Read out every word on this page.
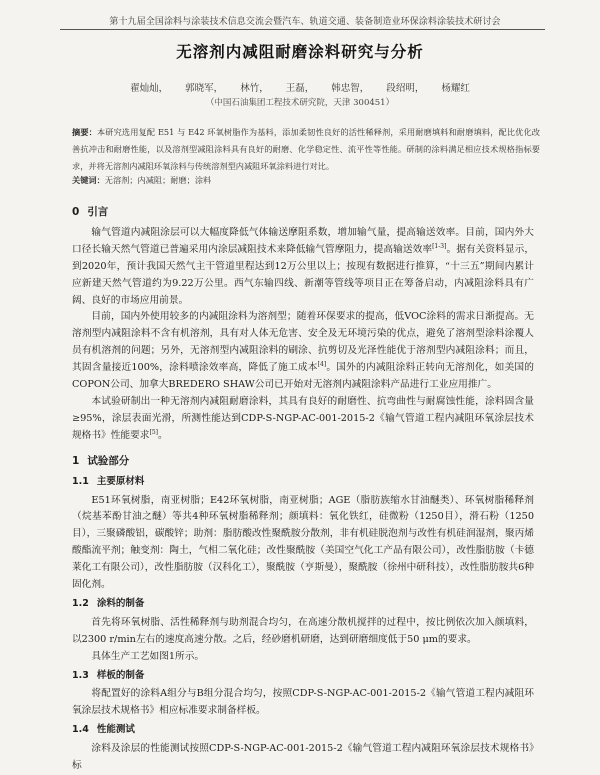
第十九届全国涂料与涂装技术信息交流会暨汽车、轨道交通、装备制造业环保涂料涂装技术研讨会
无溶剂内减阻耐磨涂料研究与分析
翟灿灿， 郭晓军， 林竹， 王磊， 韩忠智， 段绍明， 杨耀红
（中国石油集团工程技术研究院，天津 300451）

摘要：本研究选用复配 E51 与 E42 环氧树脂作为基料，添加柔韧性良好的活性稀释剂，采用耐磨填料和耐磨填料，配比优化改善抗冲击和耐磨性能，以及溶剂型减阻涂料具有良好的耐磨、化学稳定性、流平性等性能。研制的涂料满足相应技术规格指标要求，并将无溶剂内减阻环氧涂料与传统溶剂型内减阻环氧涂料进行对比。

关键词：无溶剂；内减阻；耐磨；涂料

0 引言

输气管道内减阻涂层可以大幅度降低气体输送摩阻系数，增加输气量，提高输送效率。目前，国内外大口径长输天然气管道已普遍采用内涂层减阻技术来降低输气管摩阻力，提高输送效率[1-3]。据有关资料显示，到2020年，预计我国天然气主干管道里程达到12万公里以上；按现有数据进行推算，“十三五”期间内累计应新建天然气管道约为9.22万公里。西气东输四线、新潮等管线等项目正在筹备启动，内减阻涂料具有广阔、良好的市场应用前景。

目前，国内外使用较多的内减阻涂料为溶剂型；随着环保要求的提高，低VOC涂料的需求日渐提高。无溶剂型内减阻涂料不含有机溶剂，具有对人体无危害、安全及无环境污染的优点，避免了溶剂型涂料涂覆人员有机溶剂的问题；另外，无溶剂型内减阻涂料的刷涂、抗剪切及光泽性能优于溶剂型内减阻涂料；而且，其固含量接近100%，涂料喷涂效率高，降低了施工成本[4]。国外的内减阻涂料正转向无溶剂化，如美国的COPON公司、加拿大BREDERO SHAW公司已开始对无溶剂内减阻涂料产品进行工业应用推广。

本试验研制出一种无溶剂内减阻耐磨涂料，其具有良好的耐磨性、抗弯曲性与耐腐蚀性能，涂料固含量≥95%，涂层表面光滑，所测性能达到CDP-S-NGP-AC-001-2015-2《输气管道工程内减阻环氧涂层技术规格书》性能要求[5]。

1 试验部分
1.1 主要原材料

E51环氧树脂，南亚树脂；E42环氧树脂，南亚树脂；AGE（脂肪族缩水甘油醚类）、环氧树脂稀释剂（烷基苯酚甘油之醚）等共4种环氧树脂稀释剂；颜填料：氧化铁红，硅微粉（1250目），滑石粉（1250目），三聚磷酸铝，碳酸锌；助剂：脂肪酸改性聚酰胺分散剂，非有机硅脱泡剂与改性有机硅润湿剂，聚丙烯酸酯流平剂；触变剂：陶土，气相二氧化硅；改性聚酰胺（美国空气化工产品有限公司），改性脂肪胺（卡德莱化工有限公司），改性脂肪胺（汉科化工），聚酰胺（亨斯曼），聚酰胺（徐州中研科技），改性脂肪胺共6种固化剂。

1.2 涂料的制备

首先将环氧树脂、活性稀释剂与助剂混合均匀，在高速分散机搅拌的过程中，按比例依次加入颜填料，以2300 r/min左右的速度高速分散。之后，经砂磨机研磨，达到研磨细度低于50 μm的要求。

具体生产工艺如图1所示。

1.3 样板的制备

将配置好的涂料A组分与B组分混合均匀，按照CDP-S-NGP-AC-001-2015-2《输气管道工程内减阻环氧涂层技术规格书》相应标准要求制备样板。

1.4 性能测试

涂料及涂层的性能测试按照CDP-S-NGP-AC-001-2015-2《输气管道工程内减阻环氧涂层技术规格书》标
